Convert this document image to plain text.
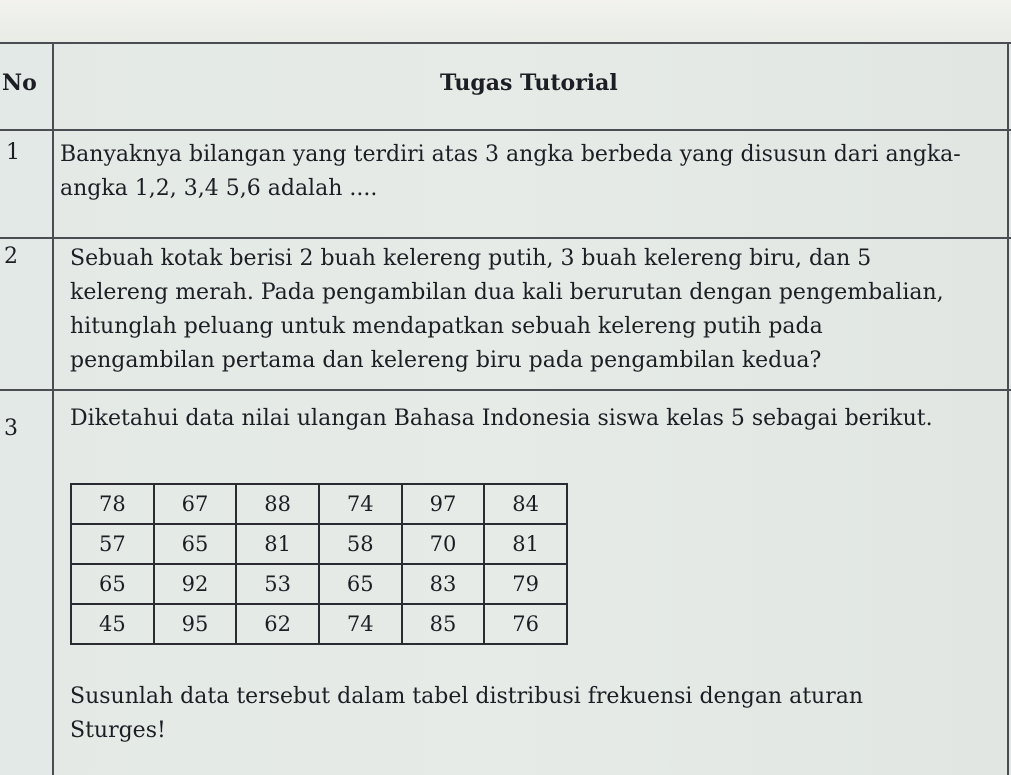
No	Tugas Tutorial
1 Banyaknya bilangan yang terdiri atas 3 angka berbeda yang disusun dari angka-
angka 1,2, 3,4 5,6 adalah ....
2 Sebuah kotak berisi 2 buah kelereng putih, 3 buah kelereng biru, dan 5
kelereng merah. Pada pengambilan dua kali berurutan dengan pengembalian,
hitunglah peluang untuk mendapatkan sebuah kelereng putih pada
pengambilan pertama dan kelereng biru pada pengambilan kedua?
3 Diketahui data nilai ulangan Bahasa Indonesia siswa kelas 5 sebagai berikut.
78	67	88	74	97	84
57	65	81	58	70	81
65	92	53	65	83	79
45	95	62	74	85	76
Susunlah data tersebut dalam tabel distribusi frekuensi dengan aturan
Sturges!
